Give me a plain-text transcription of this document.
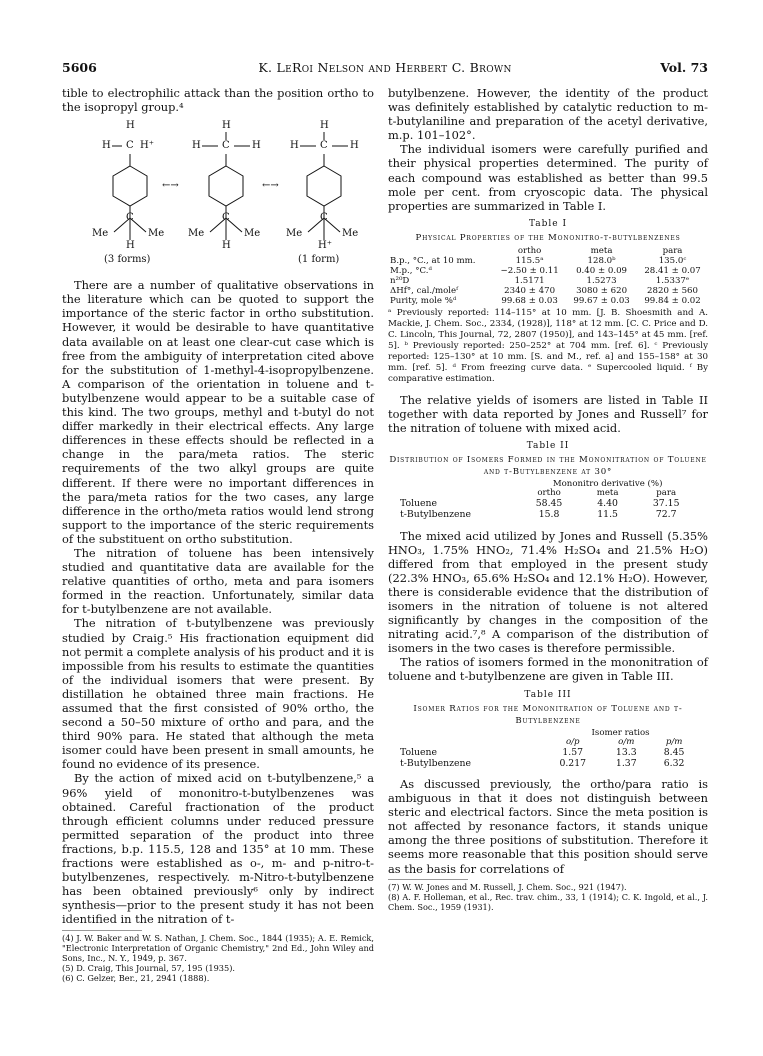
5606	K. LeRoi Nelson and Herbert C. Brown	Vol. 73

tible to electrophilic attack than the position ortho to the isopropyl group.⁴

H	H	H
H C H⁺	H C H	H C H
←→	←→
C	C	C
Me	Me Me	Me	Me	Me
H	H	H⁺
(3 forms)	(1 form)

There are a number of qualitative observations in the literature which can be quoted to support the importance of the steric factor in ortho substitution. However, it would be desirable to have quantitative data available on at least one clear-cut case which is free from the ambiguity of interpretation cited above for the substitution of 1-methyl-4-isopropylbenzene. A comparison of the orientation in toluene and t-butylbenzene would appear to be a suitable case of this kind. The two groups, methyl and t-butyl do not differ markedly in their electrical effects. Any large differences in these effects should be reflected in a change in the para/meta ratios. The steric requirements of the two alkyl groups are quite different. If there were no important differences in the para/meta ratios for the two cases, any large difference in the ortho/meta ratios would lend strong support to the importance of the steric requirements of the substituent on ortho substitution.

The nitration of toluene has been intensively studied and quantitative data are available for the relative quantities of ortho, meta and para isomers formed in the reaction. Unfortunately, similar data for t-butylbenzene are not available.

The nitration of t-butylbenzene was previously studied by Craig.⁵ His fractionation equipment did not permit a complete analysis of his product and it is impossible from his results to estimate the quantities of the individual isomers that were present. By distillation he obtained three main fractions. He assumed that the first consisted of 90% ortho, the second a 50–50 mixture of ortho and para, and the third 90% para. He stated that although the meta isomer could have been present in small amounts, he found no evidence of its presence.

By the action of mixed acid on t-butylbenzene,⁵ a 96% yield of mononitro-t-butylbenzenes was obtained. Careful fractionation of the product through efficient columns under reduced pressure permitted separation of the product into three fractions, b.p. 115.5, 128 and 135° at 10 mm. These fractions were established as o-, m- and p-nitro-t-butylbenzenes, respectively. m-Nitro-t-butylbenzene has been obtained previously⁶ only by indirect synthesis—prior to the present study it has not been identified in the nitration of t-

(4) J. W. Baker and W. S. Nathan, J. Chem. Soc., 1844 (1935); A. E. Remick, "Electronic Interpretation of Organic Chemistry," 2nd Ed., John Wiley and Sons, Inc., N. Y., 1949, p. 367.
(5) D. Craig, This Journal, 57, 195 (1935).
(6) C. Gelzer, Ber., 21, 2941 (1888).

butylbenzene. However, the identity of the product was definitely established by catalytic reduction to m-t-butylaniline and preparation of the acetyl derivative, m.p. 101–102°.

The individual isomers were carefully purified and their physical properties determined. The purity of each compound was established as better than 99.5 mole per cent. from cryoscopic data. The physical properties are summarized in Table I.

Table I
Physical Properties of the Mononitro-t-butylbenzenes
	ortho	meta	para
B.p., °C., at 10 mm.	115.5ᵃ	128.0ᵇ	135.0ᶜ
M.p., °C.ᵈ	−2.50 ± 0.11	0.40 ± 0.09	28.41 ± 0.07
n²⁰D	1.5171	1.5273	1.5337ᵉ
ΔHf°, cal./moleᶠ	2340 ± 470	3080 ± 620	2820 ± 560
Purity, mole %ᵈ	99.68 ± 0.03	99.67 ± 0.03	99.84 ± 0.02
ᵃ Previously reported: 114–115° at 10 mm. [J. B. Shoesmith and A. Mackie, J. Chem. Soc., 2334, (1928)], 118° at 12 mm. [C. C. Price and D. C. Lincoln, This Journal, 72, 2807 (1950)], and 143–145° at 45 mm. [ref. 5]. ᵇ Previously reported: 250–252° at 704 mm. [ref. 6]. ᶜ Previously reported: 125–130° at 10 mm. [S. and M., ref. a] and 155–158° at 30 mm. [ref. 5]. ᵈ From freezing curve data. ᵉ Supercooled liquid. ᶠ By comparative estimation.

The relative yields of isomers are listed in Table II together with data reported by Jones and Russell⁷ for the nitration of toluene with mixed acid.

Table II
Distribution of Isomers Formed in the Mononitration of Toluene and t-Butylbenzene at 30°
	Mononitro derivative (%)		
	ortho	meta	para
Toluene	58.45	4.40	37.15
t-Butylbenzene	15.8	11.5	72.7

The mixed acid utilized by Jones and Russell (5.35% HNO₃, 1.75% HNO₂, 71.4% H₂SO₄ and 21.5% H₂O) differed from that employed in the present study (22.3% HNO₃, 65.6% H₂SO₄ and 12.1% H₂O). However, there is considerable evidence that the distribution of isomers in the nitration of toluene is not altered significantly by changes in the composition of the nitrating acid.⁷,⁸ A comparison of the distribution of isomers in the two cases is therefore permissible.

The ratios of isomers formed in the mononitration of toluene and t-butylbenzene are given in Table III.

Table III
Isomer Ratios for the Mononitration of Toluene and t-Butylbenzene
	Isomer ratios		
	o/p	o/m	p/m
Toluene	1.57	13.3	8.45
t-Butylbenzene	0.217	1.37	6.32

As discussed previously, the ortho/para ratio is ambiguous in that it does not distinguish between steric and electrical factors. Since the meta position is not affected by resonance factors, it stands unique among the three positions of substitution. Therefore it seems more reasonable that this position should serve as the basis for correlations of

(7) W. W. Jones and M. Russell, J. Chem. Soc., 921 (1947).
(8) A. F. Holleman, et al., Rec. trav. chim., 33, 1 (1914); C. K. Ingold, et al., J. Chem. Soc., 1959 (1931).
